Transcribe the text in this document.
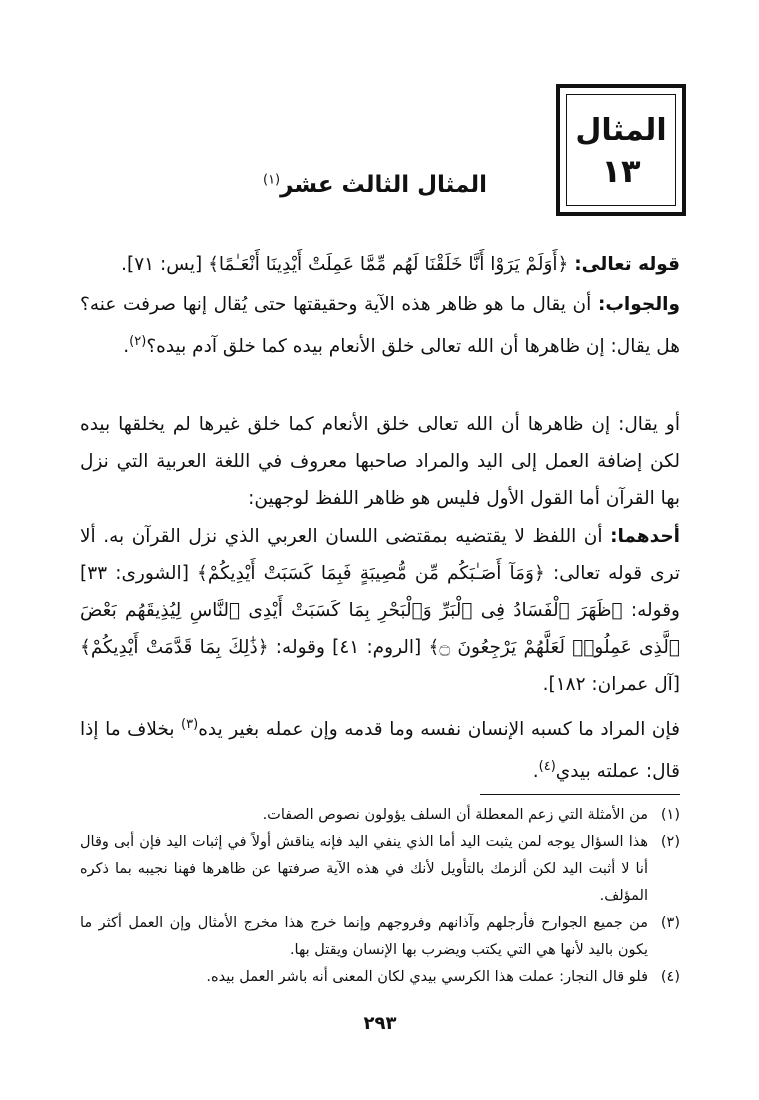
المثال
١٣
المثال الثالث عشر$^{(١)}$
قوله تعالى: ﴿أَوَلَمْ يَرَوْا أَنَّا خَلَقْنَا لَهُم مِّمَّا عَمِلَتْ أَيْدِينَا أَنْعَـٰمًا﴾ [يس: ٧١].
والجواب: أن يقال ما هو ظاهر هذه الآية وحقيقتها حتى يُقال إنها صرفت عنه؟ هل يقال: إن ظاهرها أن الله تعالى خلق الأنعام بيده كما خلق آدم بيده؟$^{(٢)}$.
أو يقال: إن ظاهرها أن الله تعالى خلق الأنعام كما خلق غيرها لم يخلقها بيده لكن إضافة العمل إلى اليد والمراد صاحبها معروف في اللغة العربية التي نزل بها القرآن أما القول الأول فليس هو ظاهر اللفظ لوجهين:
أحدهما: أن اللفظ لا يقتضيه بمقتضى اللسان العربي الذي نزل القرآن به. ألا ترى قوله تعالى: ﴿وَمَآ أَصَـٰبَكُم مِّن مُّصِيبَةٍ فَبِمَا كَسَبَتْ أَيْدِيكُمْ﴾ [الشورى: ٣٣] وقوله: ﴿ظَهَرَ ٱلْفَسَادُ فِى ٱلْبَرِّ وَٱلْبَحْرِ بِمَا كَسَبَتْ أَيْدِى ٱلنَّاسِ لِيُذِيقَهُم بَعْضَ ٱلَّذِى عَمِلُوا۟ لَعَلَّهُمْ يَرْجِعُونَ ۝﴾ [الروم: ٤١] وقوله: ﴿ذَٰلِكَ بِمَا قَدَّمَتْ أَيْدِيكُمْ﴾ [آل عمران: ١٨٢].
فإن المراد ما كسبه الإنسان نفسه وما قدمه وإن عمله بغير يده$^{(٣)}$ بخلاف ما إذا قال: عملته بيدي$^{(٤)}$.
(١)
من الأمثلة التي زعم المعطلة أن السلف يؤولون نصوص الصفات.
(٢)
هذا السؤال يوجه لمن يثبت اليد أما الذي ينفي اليد فإنه يناقش أولاً في إثبات اليد فإن أبى وقال أنا لا أثبت اليد لكن ألزمك بالتأويل لأنك في هذه الآية صرفتها عن ظاهرها فهنا نجيبه بما ذكره المؤلف.
(٣)
من جميع الجوارح فأرجلهم وآذانهم وفروجهم وإنما خرج هذا مخرج الأمثال وإن العمل أكثر ما يكون باليد لأنها هي التي يكتب ويضرب بها الإنسان ويقتل بها.
(٤)
فلو قال النجار: عملت هذا الكرسي بيدي لكان المعنى أنه باشر العمل بيده.
٢٩٣
